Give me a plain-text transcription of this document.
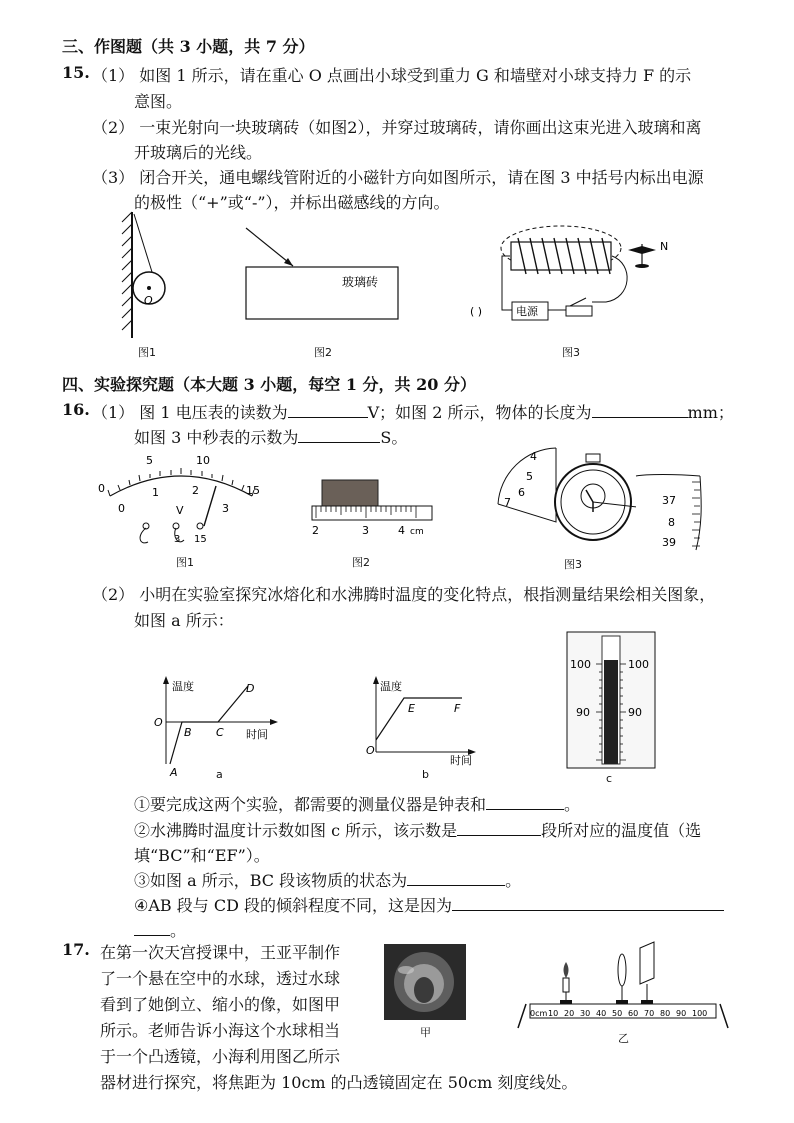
三、作图题（共 3 小题，共 7 分）
15. （1） 如图 1 所示，请在重心 O 点画出小球受到重力 G 和墙壁对小球支持力 F 的示
意图。
（2） 一束光射向一块玻璃砖（如图2），并穿过玻璃砖，请你画出这束光进入玻璃和离
开玻璃后的光线。
（3） 闭合开关，通电螺线管附近的小磁针方向如图所示，请在图 3 中括号内标出电源
的极性（“+”或“-”），并标出磁感线的方向。
O
图1
玻璃砖
图2
电源
( )
N
图3
四、实验探究题（本大题 3 小题，每空 1 分，共 20 分）
16. （1） 图 1 电压表的读数为	V；如图 2 所示，物体的长度为	mm；
如图 3 中秒表的示数为	S。
0
5	10
15
0
1	2
3
V
3 15
图1
2	3	4 cm
图2
4
5
6
7	37
8
39
图3
（2） 小明在实验室探究冰熔化和水沸腾时温度的变化特点，根指测量结果绘相关图象，
如图 a 所示：
温度
时间
O
A
B C
D
a
温度
时间
O
E	F
b
100	100
90	90
c
①要完成这两个实验，都需要的测量仪器是钟表和	。
②水沸腾时温度计示数如图 c 所示，该示数是	段所对应的温度值（选
填“BC”和“EF”）。
③如图 a 所示，BC 段该物质的状态为	。
④AB 段与 CD 段的倾斜程度不同，这是因为
。
17. 在第一次天宫授课中，王亚平制作
了一个悬在空中的水球，透过水球
看到了她倒立、缩小的像，如图甲
所示。老师告诉小海这个水球相当
于一个凸透镜，小海利用图乙所示
器材进行探究，将焦距为 10cm 的凸透镜固定在 50cm 刻度线处。
甲
0cm 10 20 30 40 50 60 70 80 90 100
乙
